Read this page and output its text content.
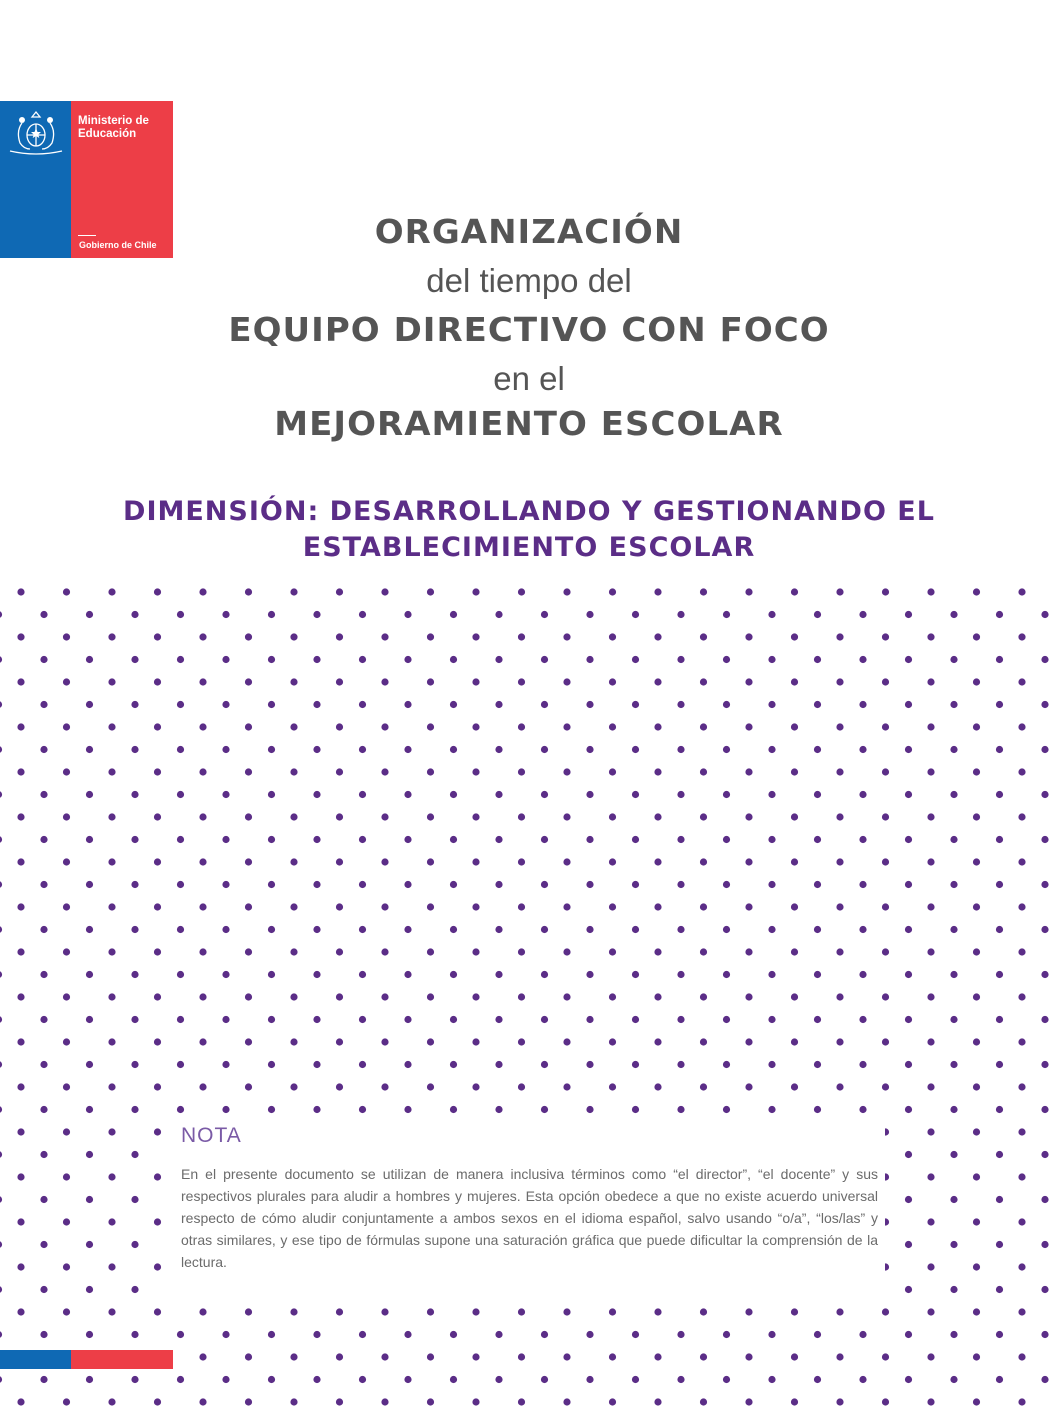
Ministerio de
Educación
Gobierno de Chile	ORGANIZACIÓN
del tiempo del
EQUIPO DIRECTIVO CON FOCO
en el
MEJORAMIENTO ESCOLAR
DIMENSIÓN: DESARROLLANDO Y GESTIONANDO EL
ESTABLECIMIENTO ESCOLAR
NOTA
En el presente documento se utilizan de manera inclusiva términos como “el director”, “el docente” y sus respectivos plurales para aludir a hombres y mujeres. Esta opción obedece a que no existe acuerdo universal respecto de cómo aludir conjuntamente a ambos sexos en el idioma español, salvo usando “o/a”, “los/las” y otras similares, y ese tipo de fórmulas supone una saturación gráfica que puede dificultar la comprensión de la lectura.
